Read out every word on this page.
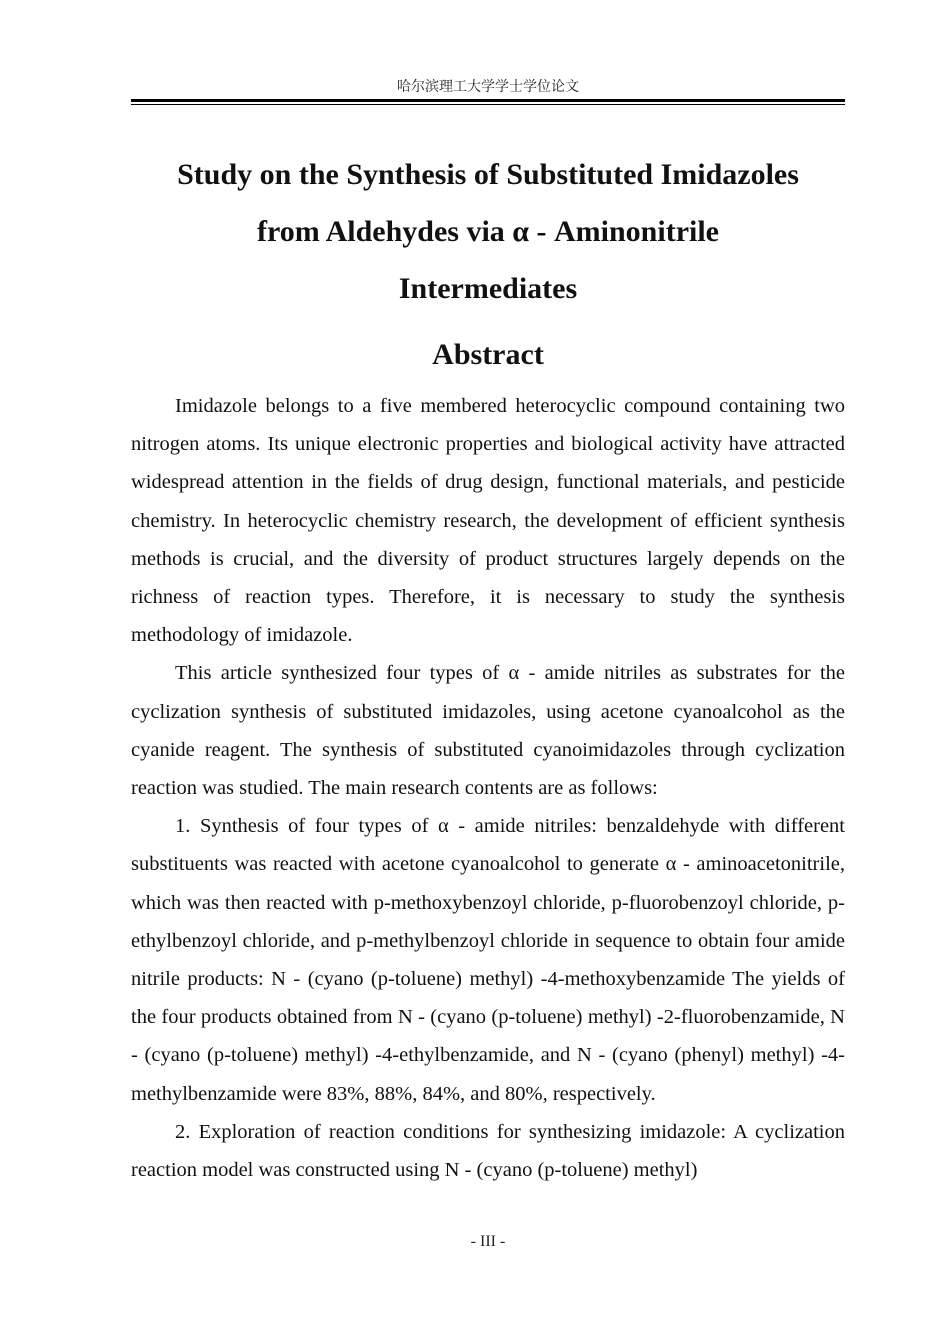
哈尔滨理工大学学士学位论文
Study on the Synthesis of Substituted Imidazoles
from Aldehydes via α - Aminonitrile
Intermediates
Abstract

Imidazole belongs to a five membered heterocyclic compound containing two nitrogen atoms. Its unique electronic properties and biological activity have attracted widespread attention in the fields of drug design, functional materials, and pesticide chemistry. In heterocyclic chemistry research, the development of efficient synthesis methods is crucial, and the diversity of product structures largely depends on the richness of reaction types. Therefore, it is necessary to study the synthesis methodology of imidazole.

This article synthesized four types of α - amide nitriles as substrates for the cyclization synthesis of substituted imidazoles, using acetone cyanoalcohol as the cyanide reagent. The synthesis of substituted cyanoimidazoles through cyclization reaction was studied. The main research contents are as follows:

1. Synthesis of four types of α - amide nitriles: benzaldehyde with different substituents was reacted with acetone cyanoalcohol to generate α - aminoacetonitrile, which was then reacted with p-methoxybenzoyl chloride, p-fluorobenzoyl chloride, p-ethylbenzoyl chloride, and p-methylbenzoyl chloride in sequence to obtain four amide nitrile products: N - (cyano (p-toluene) methyl) -4-methoxybenzamide The yields of the four products obtained from N - (cyano (p-toluene) methyl) -2-fluorobenzamide, N - (cyano (p-toluene) methyl) -4-ethylbenzamide, and N - (cyano (phenyl) methyl) -4-methylbenzamide were 83%, 88%, 84%, and 80%, respectively.

2. Exploration of reaction conditions for synthesizing imidazole: A cyclization reaction model was constructed using N - (cyano (p-toluene) methyl)

- III -
